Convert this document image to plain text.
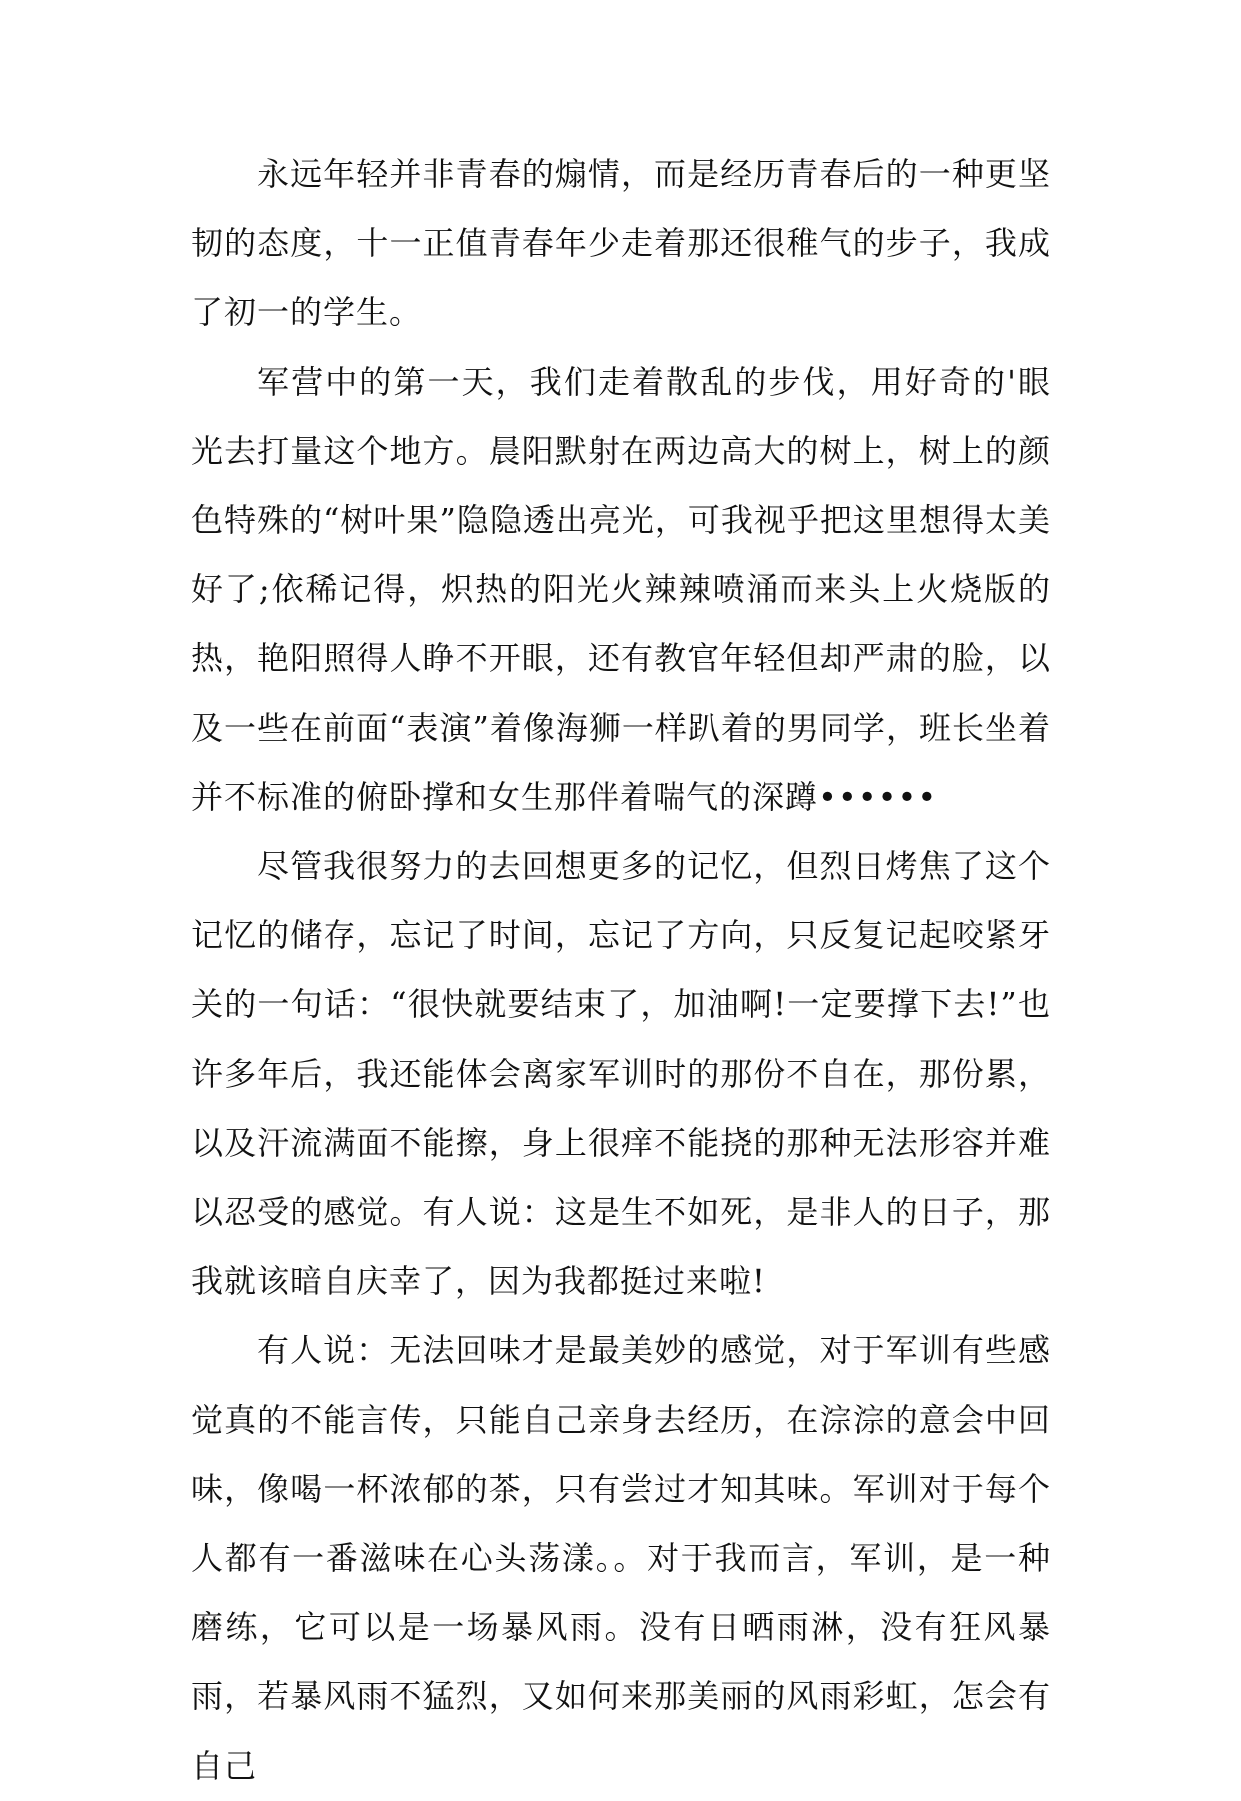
永远年轻并非青春的煽情，而是经历青春后的一种更坚韧的态度，十一正值青春年少走着那还很稚气的步子，我成了初一的学生。

军营中的第一天，我们走着散乱的步伐，用好奇的'眼光去打量这个地方。晨阳默射在两边高大的树上，树上的颜色特殊的“树叶果”隐隐透出亮光，可我视乎把这里想得太美好了;依稀记得，炽热的阳光火辣辣喷涌而来头上火烧版的热，艳阳照得人睁不开眼，还有教官年轻但却严肃的脸，以及一些在前面“表演”着像海狮一样趴着的男同学，班长坐着并不标准的俯卧撑和女生那伴着喘气的深蹲••••••

尽管我很努力的去回想更多的记忆，但烈日烤焦了这个记忆的储存，忘记了时间，忘记了方向，只反复记起咬紧牙关的一句话：“很快就要结束了，加油啊!一定要撑下去!”也许多年后，我还能体会离家军训时的那份不自在，那份累，以及汗流满面不能擦，身上很痒不能挠的那种无法形容并难以忍受的感觉。有人说：这是生不如死，是非人的日子，那我就该暗自庆幸了，因为我都挺过来啦!

有人说：无法回味才是最美妙的感觉，对于军训有些感觉真的不能言传，只能自己亲身去经历，在淙淙的意会中回味，像喝一杯浓郁的茶，只有尝过才知其味。军训对于每个人都有一番滋味在心头荡漾。。对于我而言，军训，是一种磨练，它可以是一场暴风雨。没有日晒雨淋，没有狂风暴雨，若暴风雨不猛烈，又如何来那美丽的风雨彩虹，怎会有自己
